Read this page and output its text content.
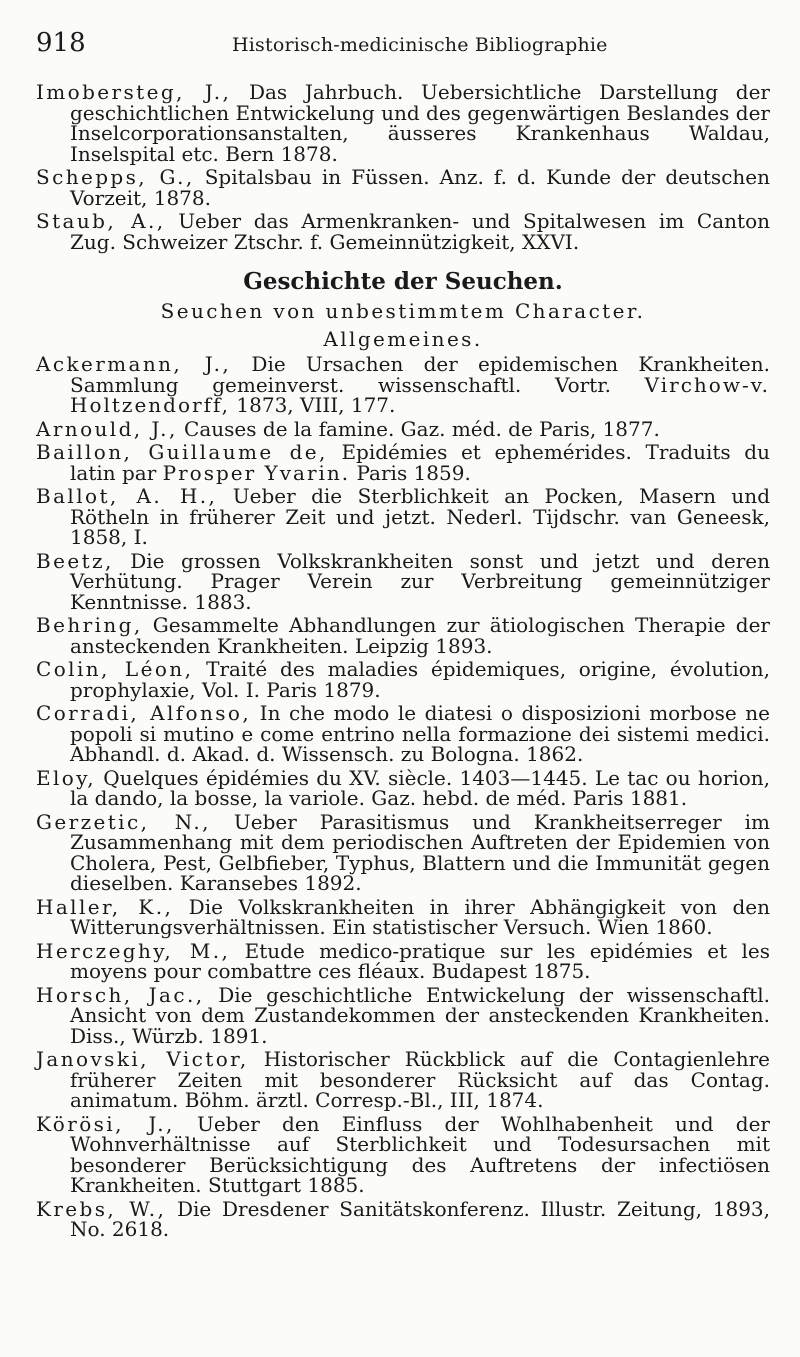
918	Historisch-medicinische Bibliographie

Imobersteg, J., Das Jahrbuch. Uebersichtliche Darstellung der geschichtlichen Entwickelung und des gegenwärtigen Beslandes der Inselcorporationsanstalten, äusseres Krankenhaus Waldau, Inselspital etc. Bern 1878.

Schepps, G., Spitalsbau in Füssen. Anz. f. d. Kunde der deutschen Vorzeit, 1878.

Staub, A., Ueber das Armenkranken- und Spitalwesen im Canton Zug. Schweizer Ztschr. f. Gemeinnützigkeit, XXVI.

Geschichte der Seuchen.
Seuchen von unbestimmtem Character.
Allgemeines.

Ackermann, J., Die Ursachen der epidemischen Krankheiten. Sammlung gemeinverst. wissenschaftl. Vortr. Virchow-v. Holtzendorff, 1873, VIII, 177.

Arnould, J., Causes de la famine. Gaz. méd. de Paris, 1877.

Baillon, Guillaume de, Epidémies et ephemérides. Traduits du latin par Prosper Yvarin. Paris 1859.

Ballot, A. H., Ueber die Sterblichkeit an Pocken, Masern und Rötheln in früherer Zeit und jetzt. Nederl. Tijdschr. van Geneesk, 1858, I.

Beetz, Die grossen Volkskrankheiten sonst und jetzt und deren Verhütung. Prager Verein zur Verbreitung gemeinnütziger Kenntnisse. 1883.

Behring, Gesammelte Abhandlungen zur ätiologischen Therapie der ansteckenden Krankheiten. Leipzig 1893.

Colin, Léon, Traité des maladies épidemiques, origine, évolution, prophylaxie, Vol. I. Paris 1879.

Corradi, Alfonso, In che modo le diatesi o disposizioni morbose ne popoli si mutino e come entrino nella formazione dei sistemi medici. Abhandl. d. Akad. d. Wissensch. zu Bologna. 1862.

Eloy, Quelques épidémies du XV. siècle. 1403—1445. Le tac ou horion, la dando, la bosse, la variole. Gaz. hebd. de méd. Paris 1881.

Gerzetic, N., Ueber Parasitismus und Krankheitserreger im Zusammenhang mit dem periodischen Auftreten der Epidemien von Cholera, Pest, Gelbfieber, Typhus, Blattern und die Immunität gegen dieselben. Karansebes 1892.

Haller, K., Die Volkskrankheiten in ihrer Abhängigkeit von den Witterungsverhältnissen. Ein statistischer Versuch. Wien 1860.

Herczeghy, M., Etude medico-pratique sur les epidémies et les moyens pour combattre ces fléaux. Budapest 1875.

Horsch, Jac., Die geschichtliche Entwickelung der wissenschaftl. Ansicht von dem Zustandekommen der ansteckenden Krankheiten. Diss., Würzb. 1891.

Janovski, Victor, Historischer Rückblick auf die Contagienlehre früherer Zeiten mit besonderer Rücksicht auf das Contag. animatum. Böhm. ärztl. Corresp.-Bl., III, 1874.

Körösi, J., Ueber den Einfluss der Wohlhabenheit und der Wohnverhältnisse auf Sterblichkeit und Todesursachen mit besonderer Berücksichtigung des Auftretens der infectiösen Krankheiten. Stuttgart 1885.

Krebs, W., Die Dresdener Sanitätskonferenz. Illustr. Zeitung, 1893, No. 2618.
